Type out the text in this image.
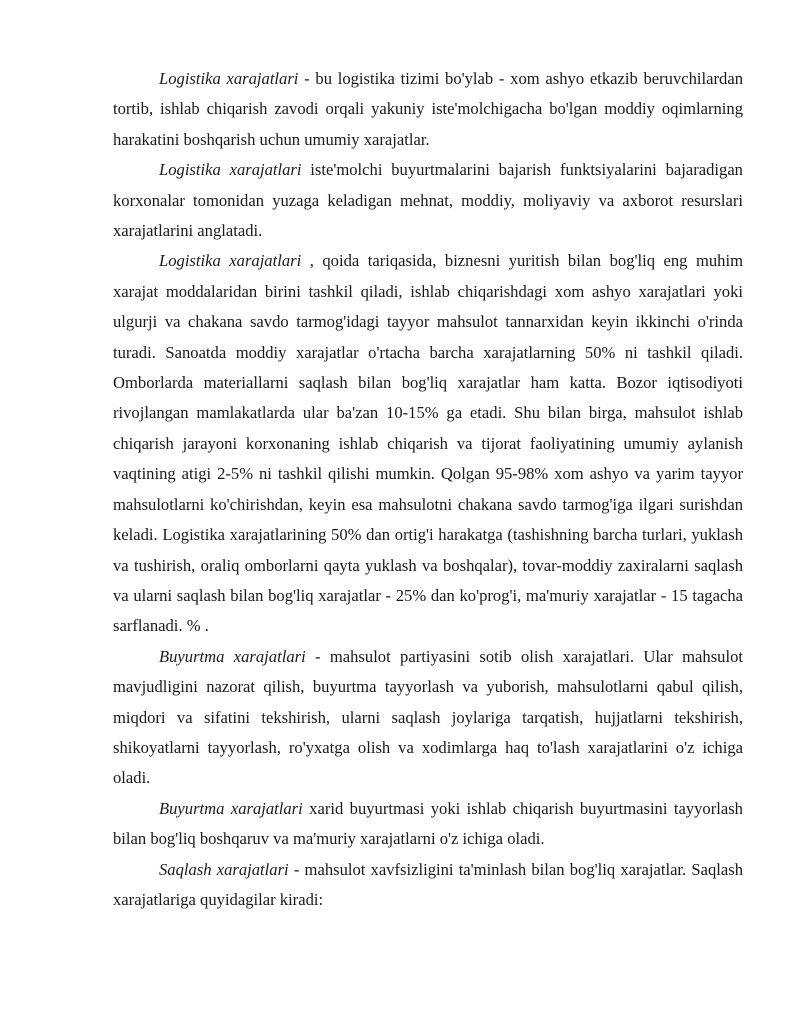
Logistika xarajatlari - bu logistika tizimi bo'ylab - xom ashyo etkazib beruvchilardan tortib, ishlab chiqarish zavodi orqali yakuniy iste'molchigacha bo'lgan moddiy oqimlarning harakatini boshqarish uchun umumiy xarajatlar.

Logistika xarajatlari iste'molchi buyurtmalarini bajarish funktsiyalarini bajaradigan korxonalar tomonidan yuzaga keladigan mehnat, moddiy, moliyaviy va axborot resurslari xarajatlarini anglatadi.

Logistika xarajatlari , qoida tariqasida, biznesni yuritish bilan bog'liq eng muhim xarajat moddalaridan birini tashkil qiladi, ishlab chiqarishdagi xom ashyo xarajatlari yoki ulgurji va chakana savdo tarmog'idagi tayyor mahsulot tannarxidan keyin ikkinchi o'rinda turadi. Sanoatda moddiy xarajatlar o'rtacha barcha xarajatlarning 50% ni tashkil qiladi. Omborlarda materiallarni saqlash bilan bog'liq xarajatlar ham katta. Bozor iqtisodiyoti rivojlangan mamlakatlarda ular ba'zan 10-15% ga etadi. Shu bilan birga, mahsulot ishlab chiqarish jarayoni korxonaning ishlab chiqarish va tijorat faoliyatining umumiy aylanish vaqtining atigi 2-5% ni tashkil qilishi mumkin. Qolgan 95-98% xom ashyo va yarim tayyor mahsulotlarni ko'chirishdan, keyin esa mahsulotni chakana savdo tarmog'iga ilgari surishdan keladi. Logistika xarajatlarining 50% dan ortig'i harakatga (tashishning barcha turlari, yuklash va tushirish, oraliq omborlarni qayta yuklash va boshqalar), tovar-moddiy zaxiralarni saqlash va ularni saqlash bilan bog'liq xarajatlar - 25% dan ko'prog'i, ma'muriy xarajatlar - 15 tagacha sarflanadi. % .

Buyurtma xarajatlari - mahsulot partiyasini sotib olish xarajatlari. Ular mahsulot mavjudligini nazorat qilish, buyurtma tayyorlash va yuborish, mahsulotlarni qabul qilish, miqdori va sifatini tekshirish, ularni saqlash joylariga tarqatish, hujjatlarni tekshirish, shikoyatlarni tayyorlash, ro'yxatga olish va xodimlarga haq to'lash xarajatlarini o'z ichiga oladi.

Buyurtma xarajatlari xarid buyurtmasi yoki ishlab chiqarish buyurtmasini tayyorlash bilan bog'liq boshqaruv va ma'muriy xarajatlarni o'z ichiga oladi.

Saqlash xarajatlari - mahsulot xavfsizligini ta'minlash bilan bog'liq xarajatlar. Saqlash xarajatlariga quyidagilar kiradi:
